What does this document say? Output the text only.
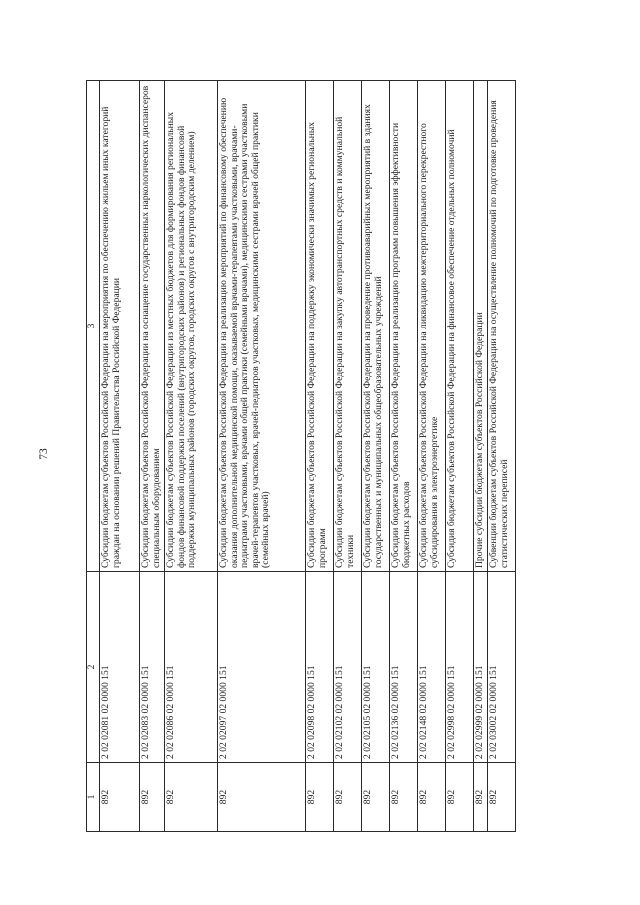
73
1	2	3
892	2 02 02081 02 0000 151	Субсидии бюджетам субъектов Российской Федерации на мероприятия по обеспечению жильем иных категорий граждан на основании решений Правительства Российской Федерации
892	2 02 02083 02 0000 151	Субсидии бюджетам субъектов Российской Федерации на оснащение государственных наркологических диспансеров специальным оборудованием
892	2 02 02086 02 0000 151	Субсидии бюджетам субъектов Российской Федерации из местных бюджетов для формирования региональных фондов финансовой поддержки поселений (внутригородских районов) и региональных фондов финансовой поддержки муниципальных районов (городских округов, городских округов с внутригородским делением)
892	2 02 02097 02 0000 151	Субсидии бюджетам субъектов Российской Федерации на реализацию мероприятий по финансовому обеспечению оказания дополнительной медицинской помощи, оказываемой врачами-терапевтами участковыми, врачами-педиатрами участковыми, врачами общей практики (семейными врачами), медицинскими сестрами участковыми врачей-терапевтов участковых, врачей-педиатров участковых, медицинскими сестрами врачей общей практики (семейных врачей)
892	2 02 02098 02 0000 151	Субсидии бюджетам субъектов Российской Федерации на поддержку экономически значимых региональных программ
892	2 02 02102 02 0000 151	Субсидии бюджетам субъектов Российской Федерации на закупку автотранспортных средств и коммунальной техники
892	2 02 02105 02 0000 151	Субсидии бюджетам субъектов Российской Федерации на проведение противоаварийных мероприятий в зданиях государственных и муниципальных общеобразовательных учреждений
892	2 02 02136 02 0000 151	Субсидии бюджетам субъектов Российской Федерации на реализацию программ повышения эффективности бюджетных расходов
892	2 02 02148 02 0000 151	Субсидии бюджетам субъектов Российской Федерации на ликвидацию межтерриториального перекрестного субсидирования в электроэнергетике
892	2 02 02998 02 0000 151	Субсидия бюджетам субъектов Российской Федерации на финансовое обеспечение отдельных полномочий
892	2 02 02999 02 0000 151	Прочие субсидии бюджетам субъектов Российской Федерации
892	2 02 03002 02 0000 151	Субвенции бюджетам субъектов Российской Федерации на осуществление полномочий по подготовке проведения статистических переписей
